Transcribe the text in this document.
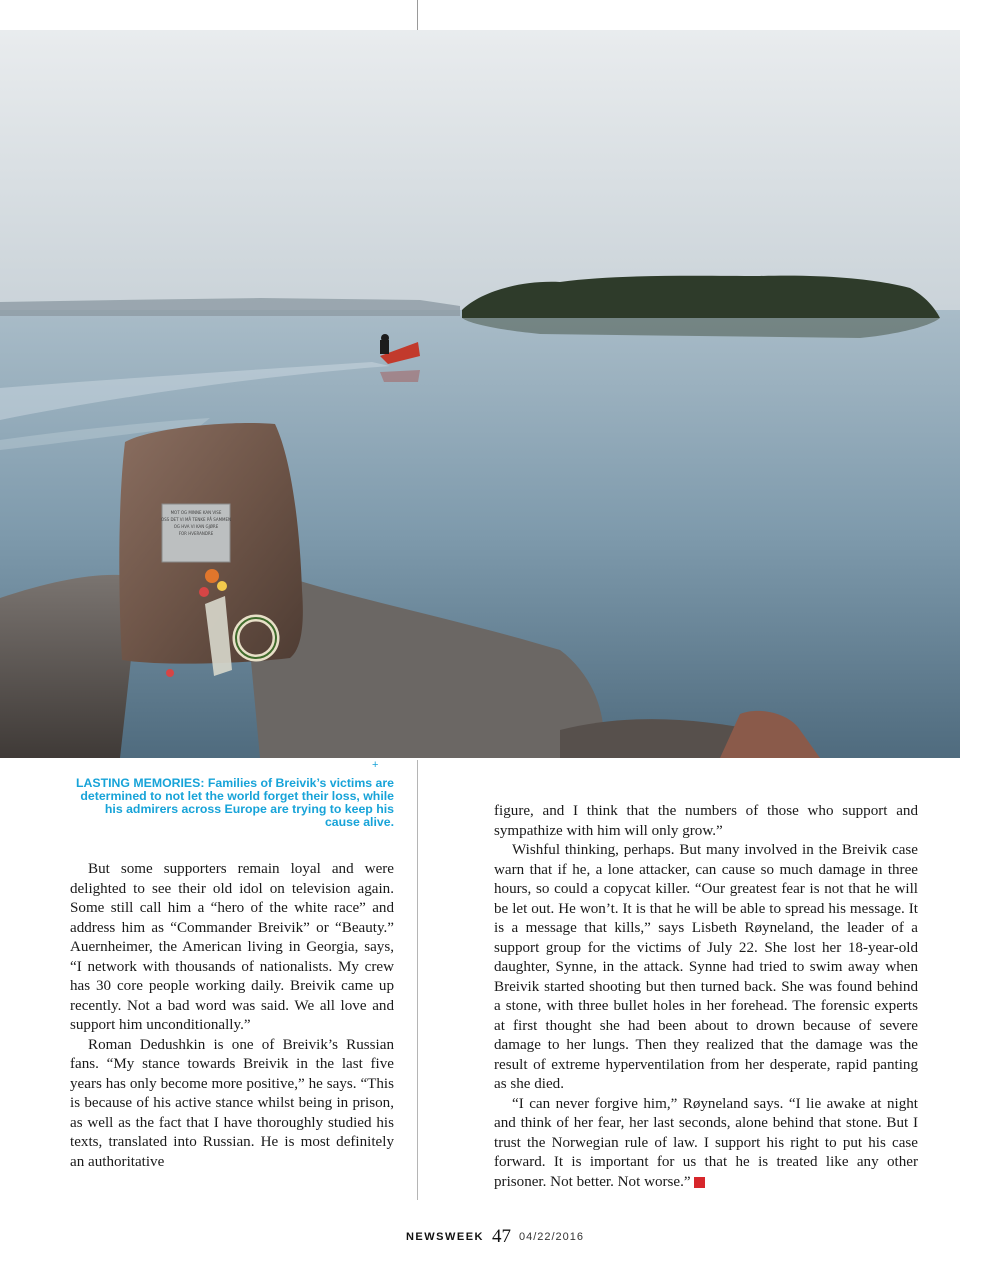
MOT OG MINNE KAN VISE
OSS DET VI MÅ TENKE PÅ SAMMEN
OG HVA VI KAN GJØRE
FOR HVERANDRE
+
LASTING MEMORIES: Families of Breivik’s victims are determined to not let the world forget their loss, while his admirers across Europe are trying to keep his cause alive.

But some supporters remain loyal and were delighted to see their old idol on television again. Some still call him a “hero of the white race” and address him as “Commander Breivik” or “Beauty.” Auernheimer, the American living in Georgia, says, “I network with thousands of nationalists. My crew has 30 core people working daily. Breivik came up recently. Not a bad word was said. We all love and support him unconditionally.”

Roman Dedushkin is one of Breivik’s Russian fans. “My stance towards Breivik in the last five years has only become more positive,” he says. “This is because of his active stance whilst being in prison, as well as the fact that I have thoroughly studied his texts, translated into Russian. He is most definitely an authoritative

figure, and I think that the numbers of those who support and sympathize with him will only grow.”

Wishful thinking, perhaps. But many involved in the Breivik case warn that if he, a lone attacker, can cause so much damage in three hours, so could a copycat killer. “Our greatest fear is not that he will be let out. He won’t. It is that he will be able to spread his message. It is a message that kills,” says Lisbeth Røyneland, the leader of a support group for the victims of July 22. She lost her 18-year-old daughter, Synne, in the attack. Synne had tried to swim away when Breivik started shooting but then turned back. She was found behind a stone, with three bullet holes in her forehead. The forensic experts at first thought she had been about to drown because of severe damage to her lungs. Then they realized that the damage was the result of extreme hyperventilation from her desperate, rapid panting as she died.

“I can never forgive him,” Røyneland says. “I lie awake at night and think of her fear, her last seconds, alone behind that stone. But I trust the Norwegian rule of law. I support his right to put his case forward. It is important for us that he is treated like any other prisoner. Not better. Not worse.” N

NEWSWEEK 47 04/22/2016
